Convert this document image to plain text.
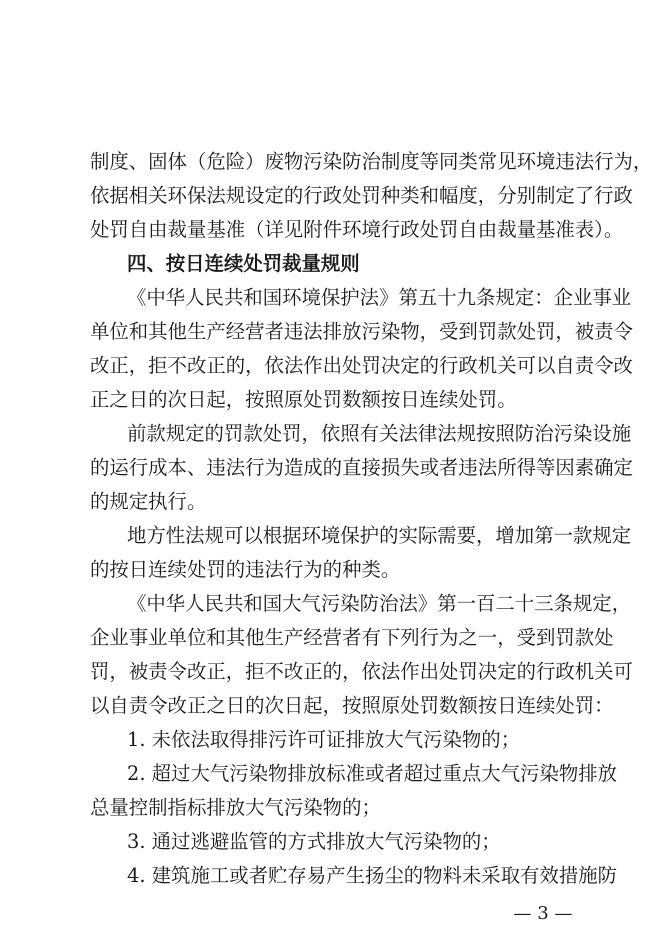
制度、固体（危险）废物污染防治制度等同类常见环境违法行为，
依据相关环保法规设定的行政处罚种类和幅度，分别制定了行政
处罚自由裁量基准（详见附件环境行政处罚自由裁量基准表）。
四、按日连续处罚裁量规则
《中华人民共和国环境保护法》第五十九条规定：企业事业
单位和其他生产经营者违法排放污染物，受到罚款处罚，被责令
改正，拒不改正的，依法作出处罚决定的行政机关可以自责令改
正之日的次日起，按照原处罚数额按日连续处罚。
前款规定的罚款处罚，依照有关法律法规按照防治污染设施
的运行成本、违法行为造成的直接损失或者违法所得等因素确定
的规定执行。
地方性法规可以根据环境保护的实际需要，增加第一款规定
的按日连续处罚的违法行为的种类。
《中华人民共和国大气污染防治法》第一百二十三条规定，
企业事业单位和其他生产经营者有下列行为之一，受到罚款处
罚，被责令改正，拒不改正的，依法作出处罚决定的行政机关可
以自责令改正之日的次日起，按照原处罚数额按日连续处罚：
1. 未依法取得排污许可证排放大气污染物的；
2. 超过大气污染物排放标准或者超过重点大气污染物排放
总量控制指标排放大气污染物的；
3. 通过逃避监管的方式排放大气污染物的；
4. 建筑施工或者贮存易产生扬尘的物料未采取有效措施防
— 3 —
